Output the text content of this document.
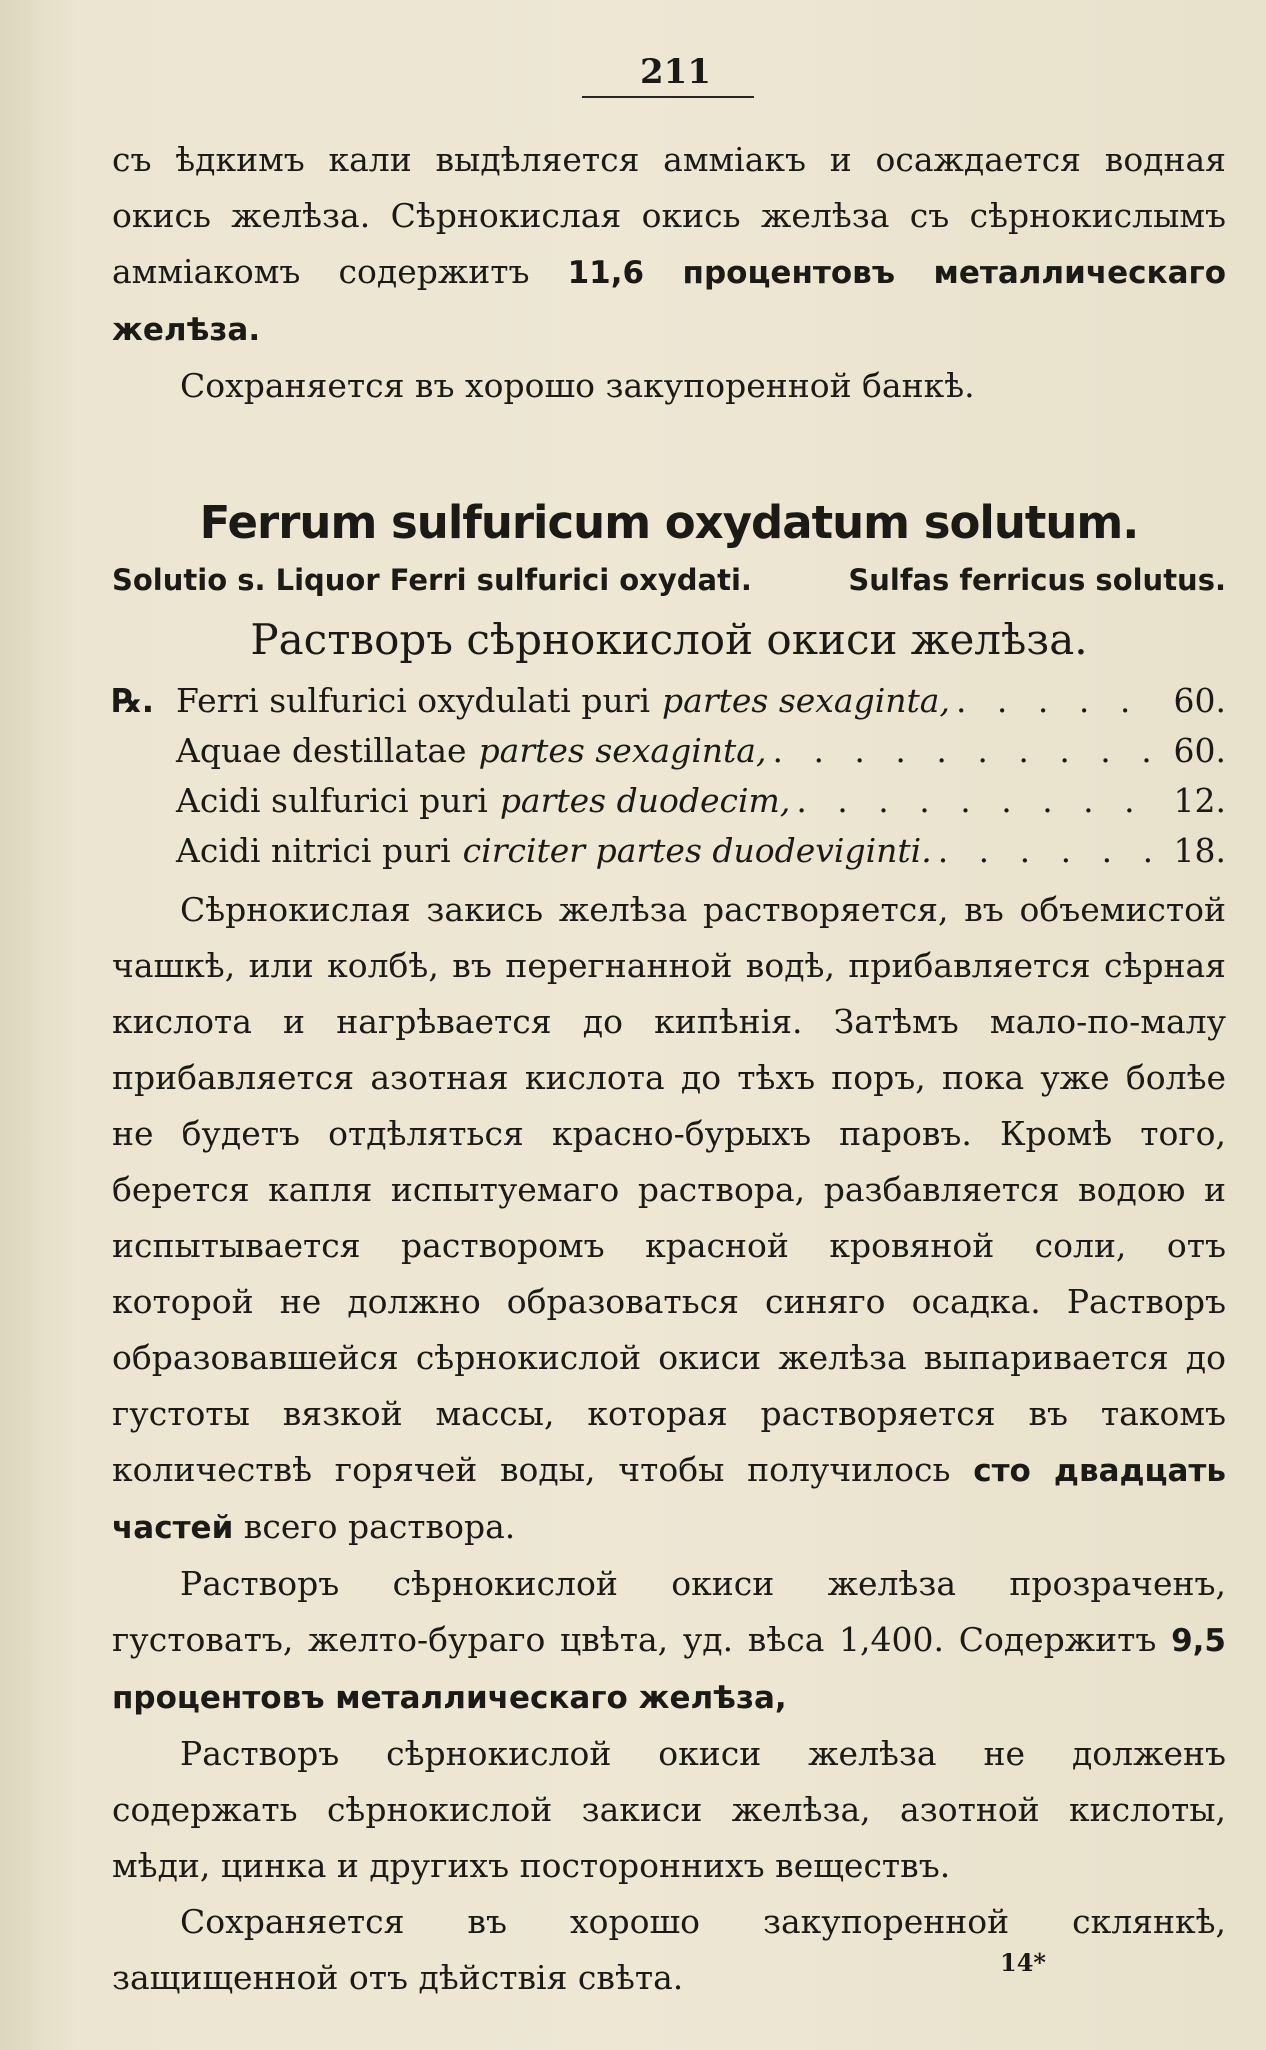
211

съ ѣдкимъ кали выдѣляется амміакъ и осаждается водная
окись желѣза. Сѣрнокислая окись желѣза съ сѣрнокислымъ
амміакомъ содержитъ 11,6 процентовъ металлическаго желѣза.

Сохраняется въ хорошо закупоренной банкѣ.

Ferrum sulfuricum oxydatum solutum.
Solutio s. Liquor Ferri sulfurici oxydati.	Sulfas ferricus solutus.
Растворъ сѣрнокислой окиси желѣза.
℞. Ferri sulfurici oxydulati puri partes sexaginta, . . .	60.
Aquae destillatae partes sexaginta, . . .	60.
Acidi sulfurici puri partes duodecim, . . .	12.
Acidi nitrici puri circiter partes duodeviginti. . . .	18.

Сѣрнокислая закись желѣза растворяется, въ объемистой чашкѣ, или колбѣ, въ перегнанной водѣ, прибавляется сѣрная кислота и нагрѣвается до кипѣнія. Затѣмъ мало-по-малу прибавляется азотная кислота до тѣхъ поръ, пока уже болѣе не будетъ отдѣляться красно-бурыхъ паровъ. Кромѣ того, берется капля испытуемаго раствора, разбавляется водою и испытывается растворомъ красной кровяной соли, отъ которой не должно образоваться синяго осадка. Растворъ образовавшейся сѣрнокислой окиси желѣза выпаривается до густоты вязкой массы, которая растворяется въ такомъ количествѣ горячей воды, чтобы получилось сто двадцать частей всего раствора.

Растворъ сѣрнокислой окиси желѣза прозраченъ, густоватъ, желто-бураго цвѣта, уд. вѣса 1,400. Содержитъ 9,5 процентовъ металлическаго желѣза,

Растворъ сѣрнокислой окиси желѣза не долженъ содержать сѣрнокислой закиси желѣза, азотной кислоты, мѣди, цинка и другихъ постороннихъ веществъ.

Сохраняется въ хорошо закупоренной склянкѣ, защищенной отъ дѣйствія свѣта.	14*
